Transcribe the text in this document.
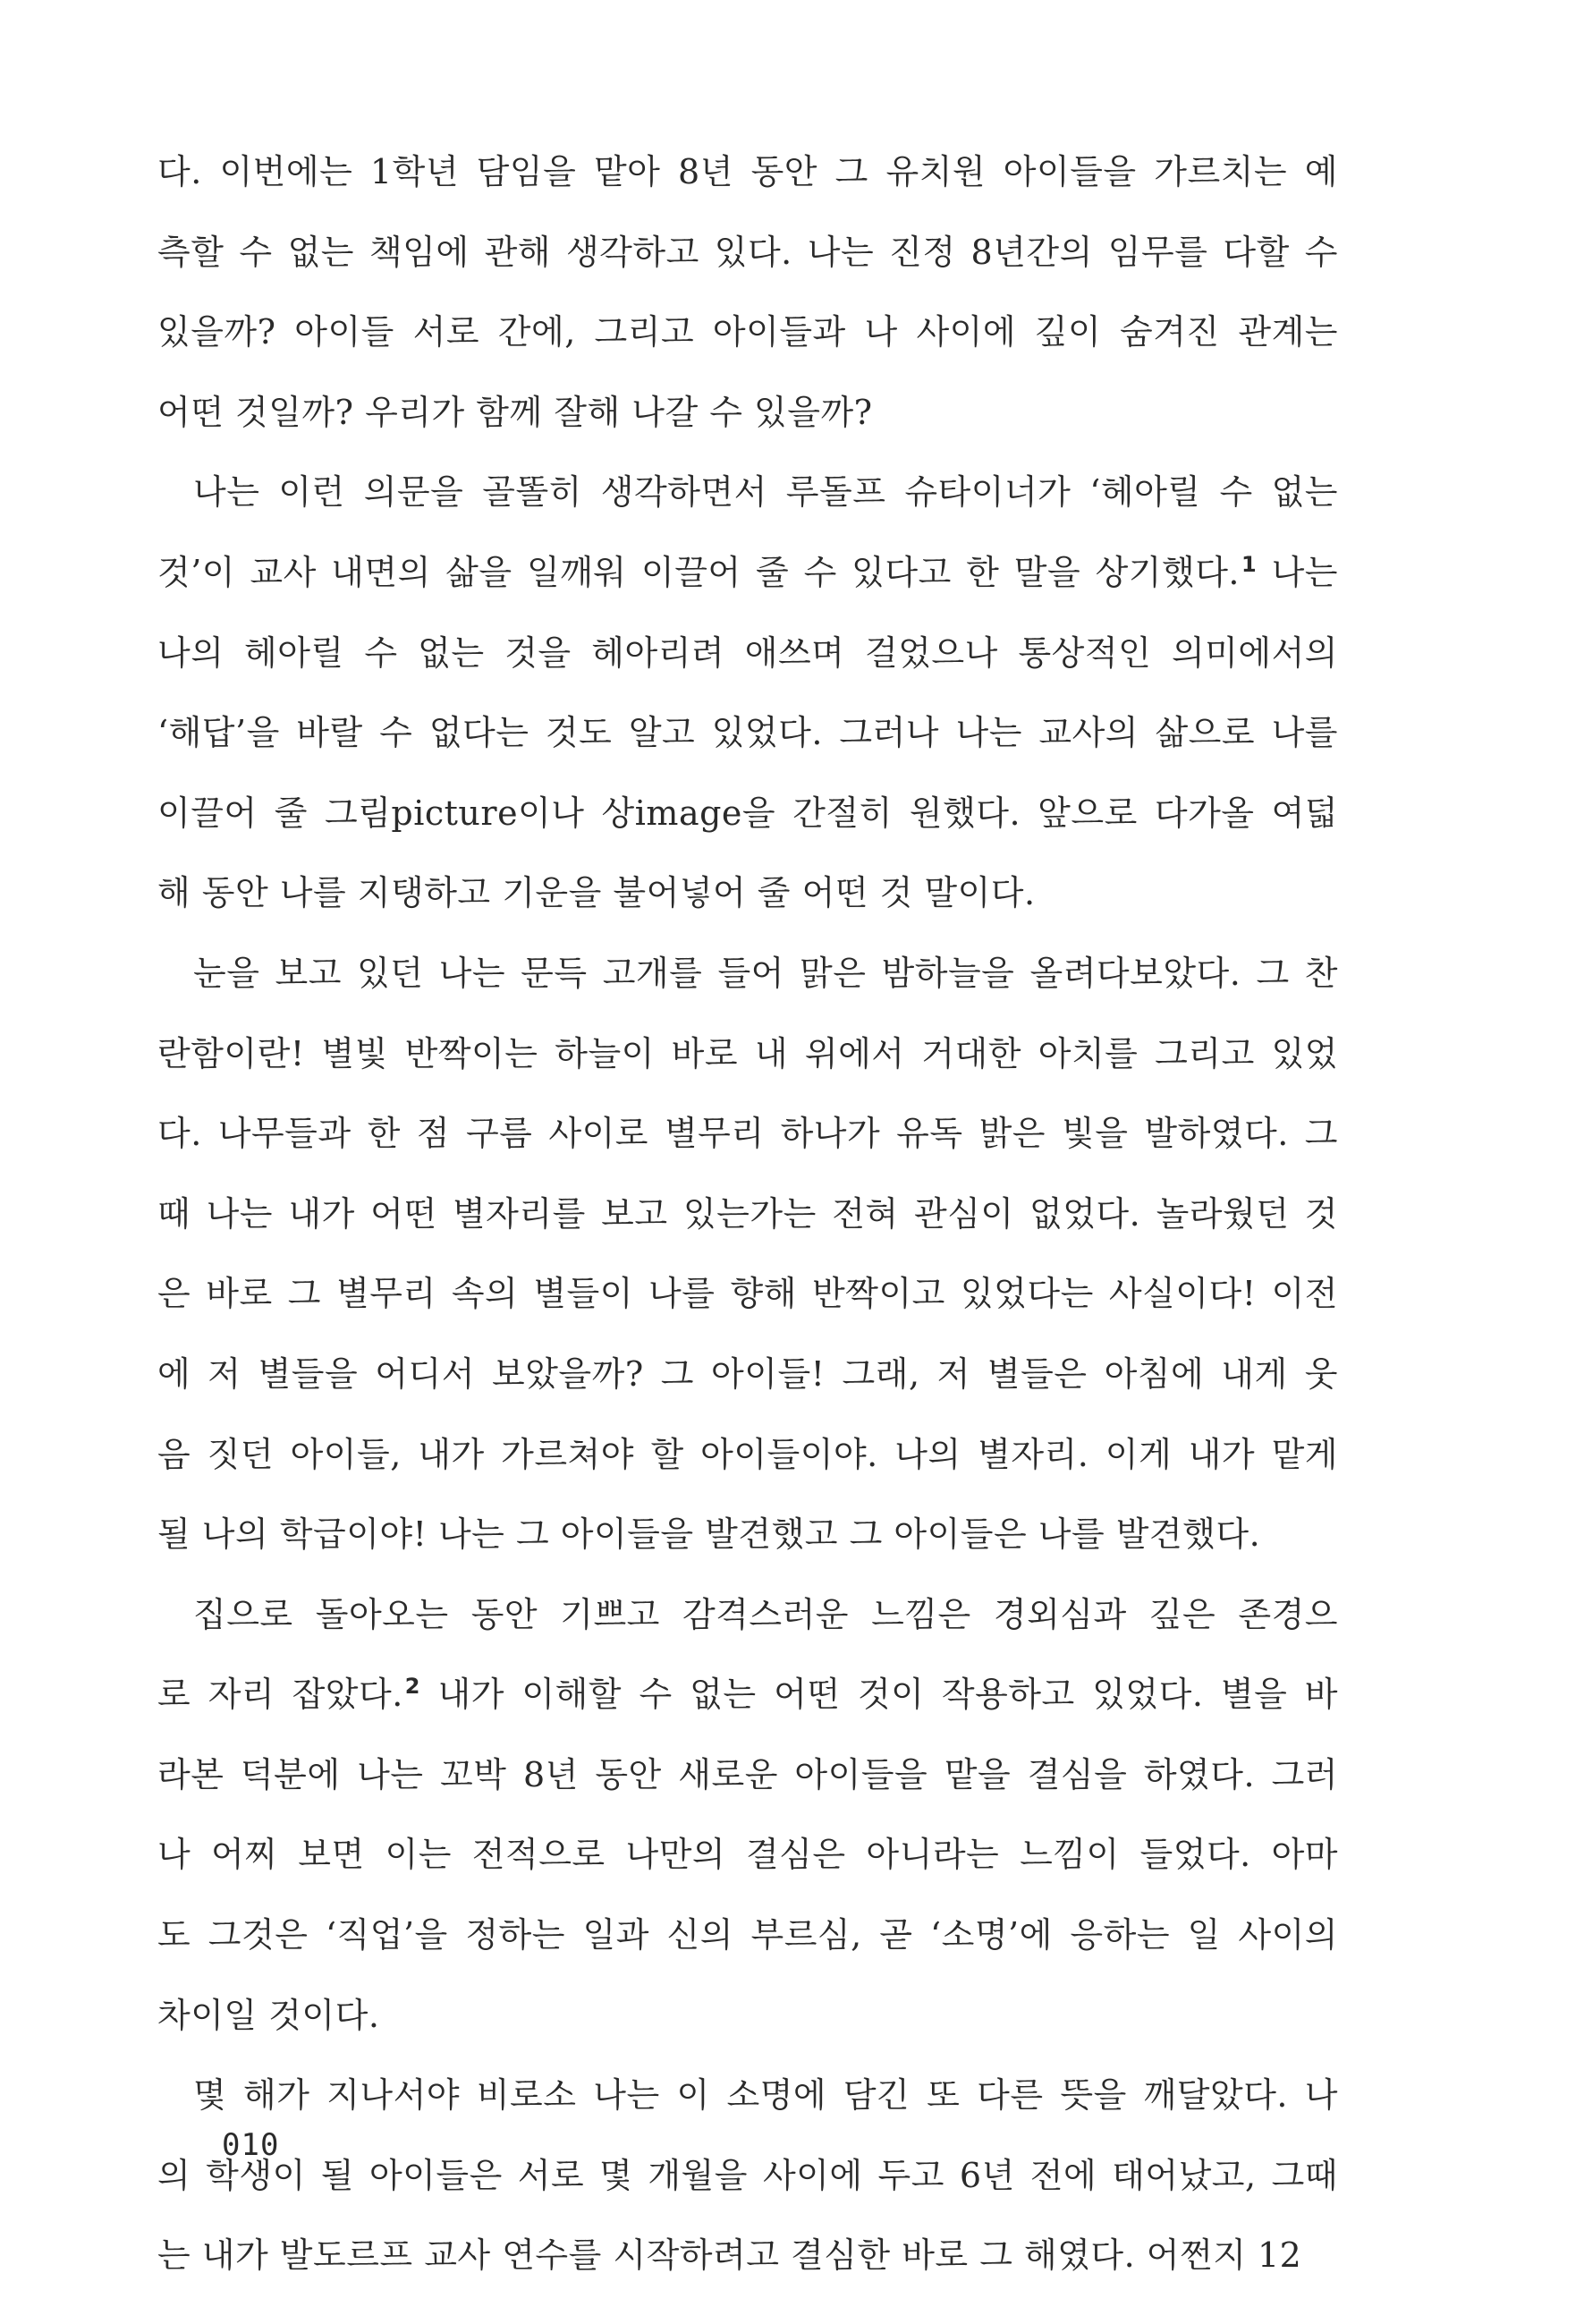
다. 이번에는 1학년 담임을 맡아 8년 동안 그 유치원 아이들을 가르치는 예
측할 수 없는 책임에 관해 생각하고 있다. 나는 진정 8년간의 임무를 다할 수
있을까? 아이들 서로 간에, 그리고 아이들과 나 사이에 깊이 숨겨진 관계는
어떤 것일까? 우리가 함께 잘해 나갈 수 있을까?
나는 이런 의문을 골똘히 생각하면서 루돌프 슈타이너가 ‘헤아릴 수 없는
것’이 교사 내면의 삶을 일깨워 이끌어 줄 수 있다고 한 말을 상기했다.$^1$ 나는
나의 헤아릴 수 없는 것을 헤아리려 애쓰며 걸었으나 통상적인 의미에서의
‘해답’을 바랄 수 없다는 것도 알고 있었다. 그러나 나는 교사의 삶으로 나를
이끌어 줄 그림picture이나 상image을 간절히 원했다. 앞으로 다가올 여덟
해 동안 나를 지탱하고 기운을 불어넣어 줄 어떤 것 말이다.
눈을 보고 있던 나는 문득 고개를 들어 맑은 밤하늘을 올려다보았다. 그 찬
란함이란! 별빛 반짝이는 하늘이 바로 내 위에서 거대한 아치를 그리고 있었
다. 나무들과 한 점 구름 사이로 별무리 하나가 유독 밝은 빛을 발하였다. 그
때 나는 내가 어떤 별자리를 보고 있는가는 전혀 관심이 없었다. 놀라웠던 것
은 바로 그 별무리 속의 별들이 나를 향해 반짝이고 있었다는 사실이다! 이전
에 저 별들을 어디서 보았을까? 그 아이들! 그래, 저 별들은 아침에 내게 웃
음 짓던 아이들, 내가 가르쳐야 할 아이들이야. 나의 별자리. 이게 내가 맡게
될 나의 학급이야! 나는 그 아이들을 발견했고 그 아이들은 나를 발견했다.
집으로 돌아오는 동안 기쁘고 감격스러운 느낌은 경외심과 깊은 존경으
로 자리 잡았다.$^2$ 내가 이해할 수 없는 어떤 것이 작용하고 있었다. 별을 바
라본 덕분에 나는 꼬박 8년 동안 새로운 아이들을 맡을 결심을 하였다. 그러
나 어찌 보면 이는 전적으로 나만의 결심은 아니라는 느낌이 들었다. 아마
도 그것은 ‘직업’을 정하는 일과 신의 부르심, 곧 ‘소명’에 응하는 일 사이의
차이일 것이다.
몇 해가 지나서야 비로소 나는 이 소명에 담긴 또 다른 뜻을 깨달았다. 나
의 학생이 될 아이들은 서로 몇 개월을 사이에 두고 6년 전에 태어났고, 그때
는 내가 발도르프 교사 연수를 시작하려고 결심한 바로 그 해였다. 어쩐지 12
010
